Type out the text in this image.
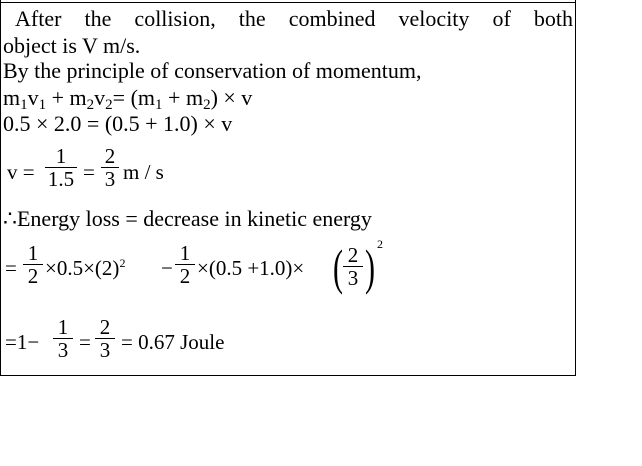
After the collision, the combined velocity of both
object is V m/s.
By the principle of conservation of momentum,
$m_1v_1 + m_2v_2= (m_1 + m_2) \times v$
0.5 × 2.0 = (0.5 + 1.0) × v
v =
1
1.5 =
2
3 m / s
∴Energy loss = decrease in kinetic energy
=
1
$2 \times 0.5\times(2)^2$ −
1
2 ×(0.5 +1.0)× ( 2
3 ) 2
=1−
1
3 =
2
3 = 0.67 Joule
